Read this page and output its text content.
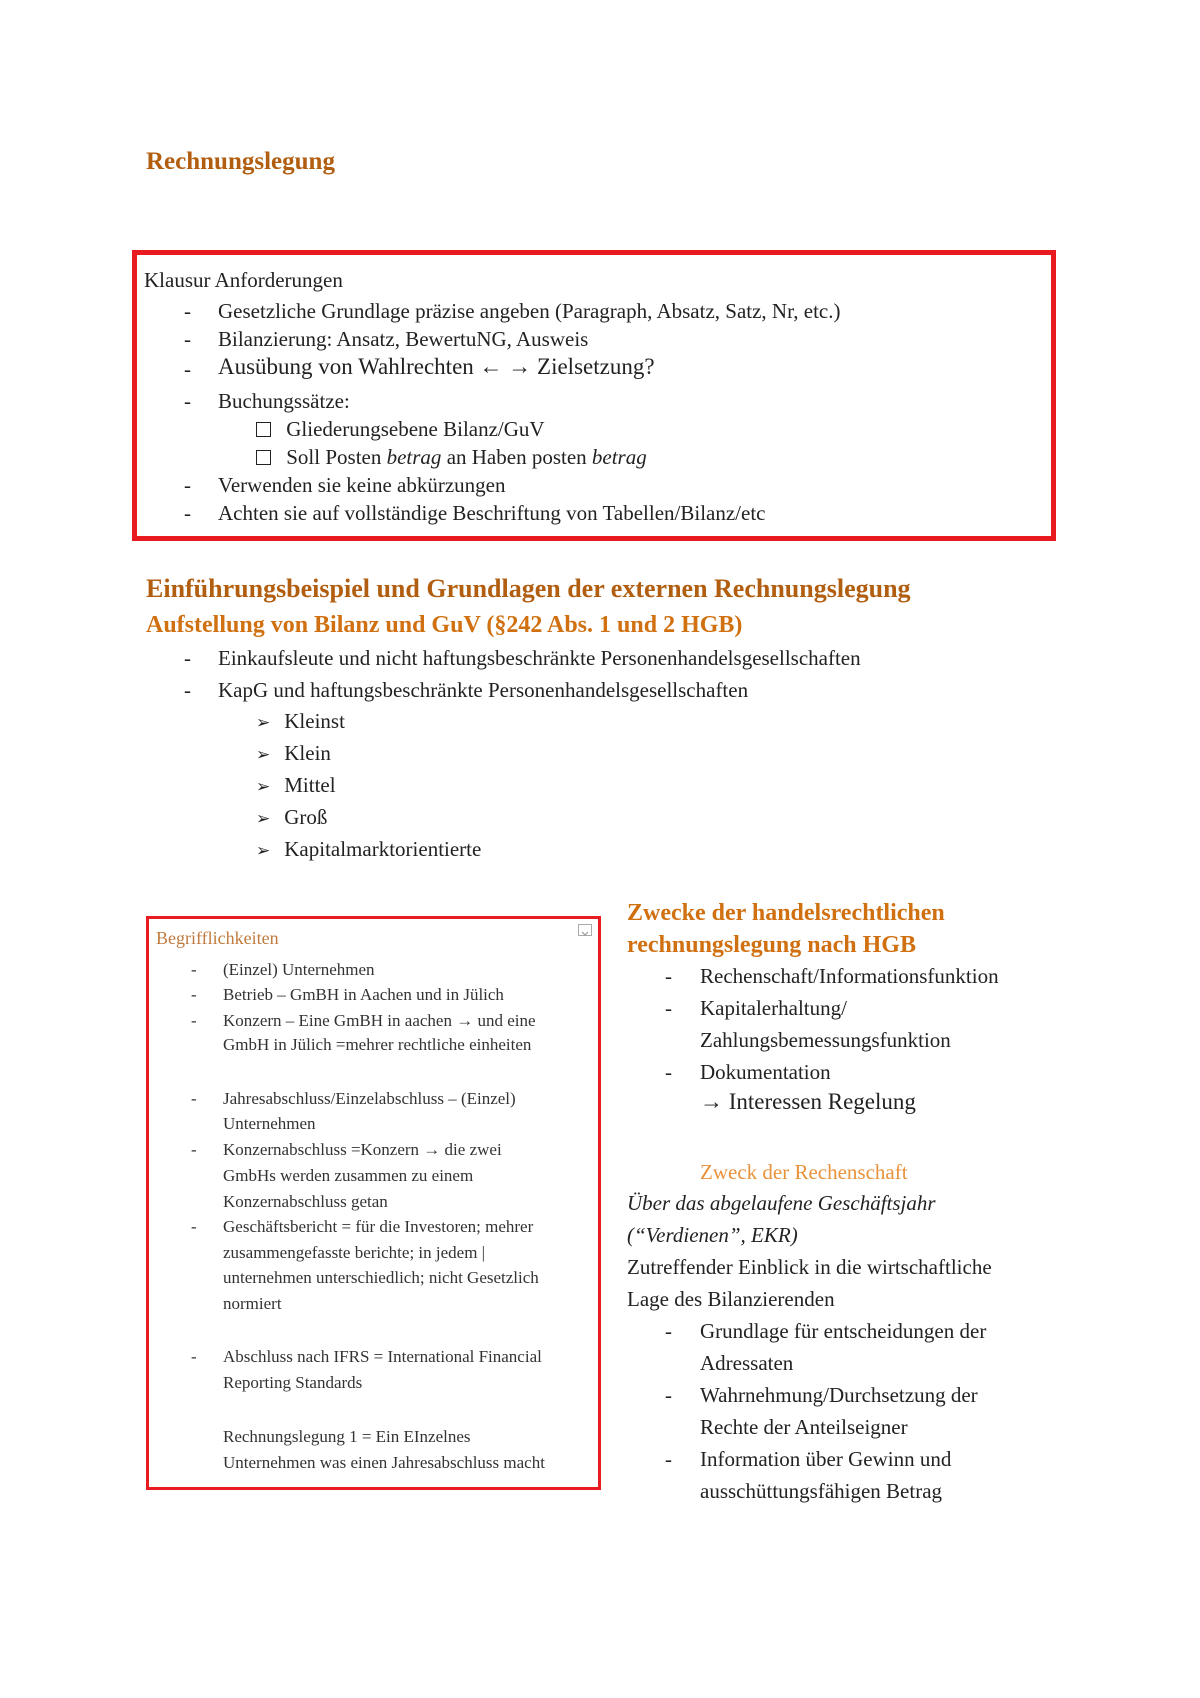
Rechnungslegung
Klausur Anforderungen
- Gesetzliche Grundlage präzise angeben (Paragraph, Absatz, Satz, Nr, etc.)
- Bilanzierung: Ansatz, BewertuNG, Ausweis
- Ausübung von Wahlrechten ← → Zielsetzung?
- Buchungssätze:
Gliederungsebene Bilanz/GuV
Soll Posten betrag an Haben posten betrag
- Verwenden sie keine abkürzungen
- Achten sie auf vollständige Beschriftung von Tabellen/Bilanz/etc
Einführungsbeispiel und Grundlagen der externen Rechnungslegung
Aufstellung von Bilanz und GuV (§242 Abs. 1 und 2 HGB)
- Einkaufsleute und nicht haftungsbeschränkte Personenhandelsgesellschaften
- KapG und haftungsbeschränkte Personenhandelsgesellschaften
➢ Kleinst
➢ Klein
➢ Mittel
➢ Groß
➢ Kapitalmarktorientierte
Begrifflichkeiten
- (Einzel) Unternehmen
- Betrieb – GmBH in Aachen und in Jülich
- Konzern – Eine GmBH in aachen → und eine
GmbH in Jülich =mehrer rechtliche einheiten
- Jahresabschluss/Einzelabschluss – (Einzel)
Unternehmen
- Konzernabschluss =Konzern → die zwei
GmbHs werden zusammen zu einem
Konzernabschluss getan
- Geschäftsbericht = für die Investoren; mehrer
zusammengefasste berichte; in jedem |
unternehmen unterschiedlich; nicht Gesetzlich
normiert
- Abschluss nach IFRS = International Financial
Reporting Standards
Rechnungslegung 1 = Ein EInzelnes
Unternehmen was einen Jahresabschluss macht
Zwecke der handelsrechtlichen
rechnungslegung nach HGB
- Rechenschaft/Informationsfunktion
- Kapitalerhaltung/
Zahlungsbemessungsfunktion
- Dokumentation
→ Interessen Regelung
Zweck der Rechenschaft
Über das abgelaufene Geschäftsjahr
(“Verdienen”, EKR)
Zutreffender Einblick in die wirtschaftliche
Lage des Bilanzierenden
- Grundlage für entscheidungen der
Adressaten
- Wahrnehmung/Durchsetzung der
Rechte der Anteilseigner
- Information über Gewinn und
ausschüttungsfähigen Betrag
